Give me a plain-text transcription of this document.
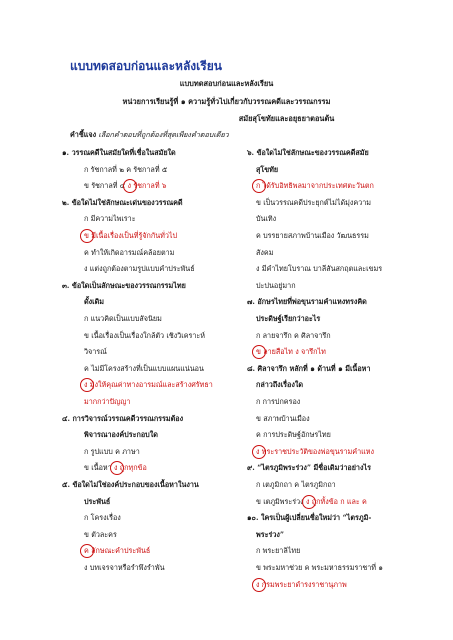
แบบทดสอบก่อนและหลังเรียน
แบบทดสอบก่อนและหลังเรียน
หน่วยการเรียนรู้ที่ ๑ ความรู้ทั่วไปเกี่ยวกับวรรณคดีและวรรณกรรม
สมัยสุโขทัยและอยุธยาตอนต้น
คำชี้แจง เลือกคำตอบที่ถูกต้องที่สุดเพียงคำตอบเดียว
๑. วรรณคดีในสมัยใดที่เชื่อในสมัยใด
ก รัชกาลที่ ๒ ค รัชกาลที่ ๕
ข รัชกาลที่ ๔ ง รัชกาลที่ ๖
๒. ข้อใดไม่ใช่ลักษณะเด่นของวรรณคดี
ก มีความไพเราะ
ข มีเนื้อเรื่องเป็นที่รู้จักกันทั่วไป
ค ทำให้เกิดอารมณ์คล้อยตาม
ง แต่งถูกต้องตามรูปแบบคำประพันธ์
๓. ข้อใดเป็นลักษณะของวรรณกรรมไทย
ดั้งเดิม
ก แนวคิดเป็นแบบสัจนิยม
ข เนื้อเรื่องเป็นเรื่องใกล้ตัว เชิงวิเคราะห์
วิจารณ์
ค ไม่มีโครงสร้างที่เป็นแบบแผนแน่นอน
ง มุ่งให้คุณค่าทางอารมณ์และสร้างศรัทธา
มากกว่าปัญญา
๔. การวิจารณ์วรรณคดีวรรณกรรมต้อง
พิจารณาองค์ประกอบใด
ก รูปแบบ ค ภาษา
ข เนื้อหา ง ถูกทุกข้อ
๕. ข้อใดไม่ใช่องค์ประกอบของเนื้อหาในงาน
ประพันธ์
ก โครงเรื่อง
ข ตัวละคร
ค ลักษณะคำประพันธ์
ง บทเจรจาหรือรำพึงรำพัน
๖. ข้อใดไม่ใช่ลักษณะของวรรณคดีสมัย
สุโขทัย
ก ได้รับอิทธิพลมาจากประเทศตะวันตก
ข เป็นวรรณคดีประยุกต์ไม่ได้มุ่งความ
บันเทิง
ค บรรยายสภาพบ้านเมือง วัฒนธรรม
สังคม
ง มีคำไทยโบราณ บาลีสันสกฤตและเขมร
ปะปนอยู่มาก
๗. อักษรไทยที่พ่อขุนรามคำแหงทรงคิด
ประดิษฐ์เรียกว่าอะไร
ก ลายจารึก ค ศิลาจารึก
ข ลายสือไท ง จารึกไท
๘. ศิลาจารึก หลักที่ ๑ ด้านที่ ๑ มีเนื้อหา
กล่าวถึงเรื่องใด
ก การปกครอง
ข สภาพบ้านเมือง
ค การประดิษฐ์อักษรไทย
ง พระราชประวัติของพ่อขุนรามคำแหง
๙. “ไตรภูมิพระร่วง” มีชื่อเดิมว่าอย่างไร
ก เตภูมิกถา ค ไตรภูมิกถา
ข เตภูมิพระร่วง ง ถูกทั้งข้อ ก และ ค
๑๐. ใครเป็นผู้เปลี่ยนชื่อใหม่ว่า “ไตรภูมิ-
พระร่วง”
ก พระยาลิไทย
ข พระมหาช่วย ค พระมหาธรรมราชาที่ ๑
ง กรมพระยาดำรงราชานุภาพ
